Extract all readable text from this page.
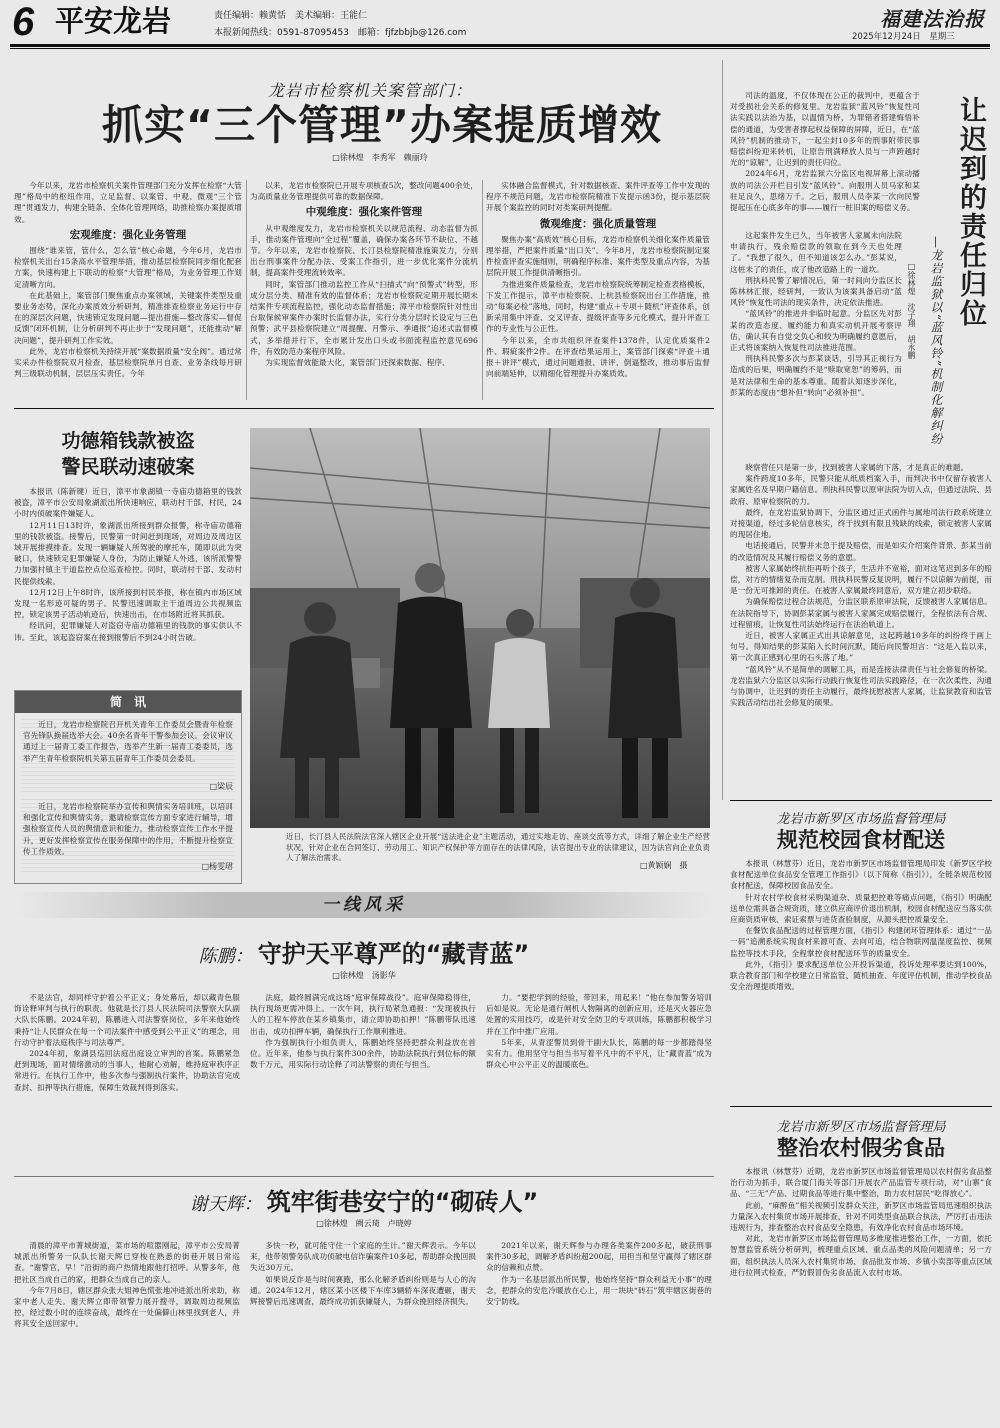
6 平安龙岩	责任编辑：赖黄恬　美术编辑：王能仁
本报新闻热线：0591-87095453　邮箱：fjfzbbjb@126.com
福建法治报
2025年12月24日　星期三
龙岩市检察机关案管部门：
抓实“三个管理”办案提质增效
□徐林煌　李秀军　赖丽玲

今年以来，龙岩市检察机关案件管理部门充分发挥在检察“大管理”格局中的枢纽作用，立足监督、以案管、中观、微观“三个管理”贯通发力，构建全链条、全体化管理网络，助推检察办案提质增效。

宏观维度：强化业务管理

围绕“谁来管，管什么，怎么管”核心命题，今年6月，龙岩市检察机关出台15条高水平管理举措，推动基层检察院同步细化配套方案，快速构建上下联动的检察“大管理”格局，为业务管理工作划定清晰方向。

在此基础上，案管部门聚焦重点办案领域，关键案件类型及重要业务态势，深化办案质效分析研判，精准排查检察业务运行中存在的深层次问题，快速锁定发现问题—提出措施—整改落实—督促反馈”闭环机制，让分析研判不再止步于“发现问题”，还能推动“解决问题”，提升研判工作实效。

此外，龙岩市检察机关持续开展“案数据质量“安全阀”。通过常实采办件检察院双月检查，基层检察院单月自查、业务条线每月研判三级联动机制，层层压实责任。今年

以来，龙岩市检察院已开展专项核查5次，整改问题400余处，为高质量业务管理提供可靠的数据保障。

中观维度：强化案件管理

从中观维度发力，龙岩市检察机关以规范流程、动态监督为抓手，推动案件管理向“全过程”覆盖，确保办案各环节不缺位、不越节。今年以来，龙岩市检察院、长汀县检察院精准施策发力，分别出台刑事案件分配办法、受案工作指引，进一步优化案件分流机制，提高案件受理流转效率。

同时，案管部门推动监控工作从“扫描式”向“预警式”转型，形成分层分类、精准有效的监督体系；龙岩市检察院定期开展长期未结案件专项流程监控，强化动态监督措施；漳平市检察院针对性出台取保候审案件办案时长监督办法，实行分类分层时长设定与三色预警；武平县检察院建立“周提醒、月警示、季通报”追述式监督模式，多举措并行下，全市累计发出口头或书面流程监控意见696件，有效防范办案程序风险。

为实现监督效能最大化，案管部门还探索数据、程序、

实体融合监督模式，针对数据核查、案件评查等工作中发现的程序不规范问题，龙岩市检察院精准下发提示函3份，提示基层院开展个案监控的同时对类案研判提醒。

微观维度：强化质量管理

聚焦办案“高质效”核心目标，龙岩市检察机关细化案件质量管理举措，严把案件质量“出口关”。今年8月，龙岩市检察院制定案件检查评查实施细则，明确程序标准、案件类型及重点内容，为基层院开展工作提供清晰指引。

为推进案件质量检查，龙岩市检察院统筹制定检查表格模板，下发工作提示，漳平市检察院、上杭县检察院出台工作措施，推动“每案必检”落地，同时，构建“重点＋专项＋随机”评查体系，创新采用集中评查、交叉评查、提级评查等多元化模式，提升评查工作的专业性与公正性。

今年以来，全市共组织评查案件1378件，认定优质案件2件、瑕疵案件2件。在评查结果运用上，案管部门探索“评查＋通报＋讲评”模式，通过问题通报、讲评、倒逼整改，推动事后监督向前端延伸，以精细化管理提升办案质效。

司法的温度，不仅体现在公正的裁判中，更蕴含于对受损社会关系的修复里。龙岩监狱“蓝风铃”恢复性司法实践以法治为基，以温情为桥，为罪错者搭建悔悟补偿的通道，为受害者撑起权益保障的屏障，近日，在“蓝风铃”机制的推动下，一起尘封10多年的刑事附带民事赔偿纠纷迎来转机，让原告刑满释放人员与一声跨越时光的“谅解”，让迟到的责任归位。

2024年6月，龙岩监狱六分监区电视屏幕上滚动播放的司法公开栏目引发“蓝风铃”。向服刑人员马家和某驻足良久，思绪万千。之后，服刑人员李某一次向民警提起压在心底多年的事——履行一桩旧案的赔偿义务。 让迟到的责任归位
—龙岩监狱以“蓝风铃”机制化解纠纷
□徐林煌　沈子翔　胡永鹏

这起案件发生已久，当年被害人家属未向法院申请执行，残余赔偿款的领取在到今天也处理了。“我想了很久，但不知道该怎么办。”彭某说，这桩未了的责任，成了他改造路上的一道坎。

刑执科民警了解情况后，第一时间向分监区长陈林林汇报，经研判，一致认为该案具备启动“蓝风铃”恢复性司法的现实条件，决定依法推进。

“蓝风铃”的推进并非临时起意。分监区先对彭某的改造态度、履约能力和真实动机开展考察评估，确认其有自觉交负心和较为明确履约意愿后，正式将该案纳入恢复性司法推进范围。

刑执科民警多次与彭某谈话，引导其正视行为造成的后果，明确履约不是“赎取宽恕”的筹码，而是对法律和生命的基本尊重。随着认知逐步深化，彭某的态度由“想补但“转向”必须补担”。

晓察营任只是第一步，找到被害人家属的下落，才是真正的难题。

案件跨度10多年，民警只能从纸质档案入手，而判决书中仅留存被害人家属姓名及早期户籍信息。刑执科民警以原审法院为切入点，但通过法院、县政府、原审检察院的力。

最终，在龙岩监狱协调下，分监区通过正式函件与属地司法行政系统建立对接渠道，经过多轮信息核实，终于找到有限且残缺的线索，锁定被害人家属的现居住地。

电话接通后，民警并未急于提及赔偿，而是如实介绍案件背景、彭某当前的改造情况及其履行赔偿义务的意愿。

被害人家属始终抗拒再听个孩子，生活并不宽裕，面对这笔迟到多年的赔偿，对方的情绪复杂而克制。刑执科民警反复说明，履行不以谅解为前提，而是一份无可推卸的责任。在被害人家属最终同意后，双方建立初步联络。

为确保赔偿过程合法规范，分监区联系原审法院，反馈被害人家属信息。在法院指导下，协调彭某家属与被害人家属完成赔偿履行，全程依法有合规、过程留痕，让恢复性司法始终运行在法治轨道上。

近日，被害人家属正式出具谅解意见，这起跨越10多年的纠纷终于画上句号。得知结果的彭某陷入长时间沉默，随后向民警坦言：“这是入监以来，第一次真正感到心里的石头落了地。”

“蓝风铃”从不是简单的调解工具，而是连接法律责任与社会修复的桥梁。龙岩监狱六分监区以实际行动践行恢复性司法实践路径，在一次次柔性、沟通与协调中，让迟到的责任主动履行，最终抚慰被害人家属，让监狱教育和监管实践活动结出社会修复的硕果。

功德箱钱款被盗
警民联动速破案

本报讯（陈新键）近日，漳平市象湖镇一寺庙功德箱里的钱款被盗，漳平市公安局象湖派出所快速响应，联动村干部，村民，24小时内侦破案件嫌疑人。

12月11日13时许，象湖派出所接到群众报警，称寺庙功德箱里的钱款被盗。接警后，民警第一时间赶到现场，对周边及周边区域开展排摸排查。发现一辆嫌疑人所驾驶的摩托车，随即以此为突破口，快速锁定犯罪嫌疑人身份，为防止嫌疑人外逃，该所派警警力加强村镇主干道监控点位巡查检控。同时，联动村干部、发动村民提供线索。

12月12日上午8时许，该所接到村民举报，称在镇内市场区域发现一名形迹可疑的男子。民警迅速调取主干道周边公共视频监控，锁定该男子活动轨迹后，快速出击，在市场附近将其抓获。

经讯问，犯罪嫌疑人对盗窃寺庙功德箱里的钱款的事实供认不讳。至此，该起盗窃案在接到报警后不到24小时告破。

简　讯
近日，龙岩市检察院召开机关青年工作委员会暨青年检察官先锋队换届选举大会。40余名青年干警参加会议。会议审议通过上一届青工委工作报告，选举产生新一届青工委委员，选举产生青年检察院机关第五届青年工作委员会委员。
□梁辰
近日，龙岩市检察院举办宣传和舆情实务培训班，以培训和强化宣传和舆情实务，邀请检察宣传方面专家进行辅导，增强检察宣传人员的舆情意识和能力，推动检察宣传工作水平提升，更好发挥检察宣传在服务保障中的作用，不断提升检察宣传工作质效。
□杨雯珺
近日，长汀县人民法院法官深入辖区企业开展“送法进企业”主题活动，通过实地走访、座谈交流等方式，详细了解企业生产经营状况，针对企业在合同签订、劳动用工、知识产权保护等方面存在的法律风险，法官提出专业的法律建议，因为法官向企业负责人了解法治需求。
□黄颖娴　摄
龙岩市新罗区市场监督管理局
规范校园食材配送

本报讯（林慧芬）近日，龙岩市新罗区市场监督管理局印发《新罗区学校食材配送单位食品安全管理工作指引》（以下简称《指引》），全链条规范校园食材配送，保障校园食品安全。

针对农村学校食材采购渠道杂、质量把控难等痛点问题，《指引》明确配送单位需具备合规资质，建立供应商评价退出机制，校园食材配送应当落实供应商资质审核、索证索票与进货查验制度，从源头把控质量安全。

在餐饮食品配送的过程管理方面，《指引》构建闭环管理体系：通过“一品一码”追溯系统实现食材来源可查、去向可追，结合物联网温湿度监控、视频监控等技术手段，全程掌控食材配送环节的质量安全。

此外，《指引》要求配送单位公开投诉渠道，投诉处理率要达到100%，联合教育部门和学校建立日常监管、随机抽查、年度评估机制，推动学校食品安全治理提质增效。

龙岩市新罗区市场监督管理局
整治农村假劣食品

本报讯（林慧芬）近期，龙岩市新罗区市场监督管理局以农村假劣食品整治行动为抓手，联合厦门海关等部门开展农产品监管专项行动，对“山寨”食品、“三无”产品、过期食品等进行集中整治，助力农村居民“吃得放心”。

此前，“麻醉鱼”相关视频引发群众关注，新罗区市场监管局迅速组织执法力量深入农村集贸市场开展排查，针对不同类型食品联合执法，严厉打击违法违规行为，排查整治农村食品安全隐患，有效净化农村食品市场环境。

对此，龙岩市新罗区市场监督管理局多维度推进整治工作，一方面，依托智慧监管系统分析研判，梳理重点区域、重点品类的风险问题清单；另一方面，组织执法人员深入农村集贸市场、食品批发市场、乡镇小卖部等重点区域进行拉网式检查，严防假冒伪劣食品流入农村市场。

一线风采
陈鹏： 守护天平尊严的“藏青蓝”
□徐林煌　汤影华

不是法官，却同样守护着公平正义；身处幕后，却以藏青色服饰诠释审判与执行的职责。他就是长汀县人民法院司法警察大队副大队长陈鹏。2024年初，陈鹏进入司法警察岗位，多年来他始终秉持“让人民群众在每一个司法案件中感受到公平正义”的理念，用行动守护着法庭秩序与司法尊严。

2024年初，象湖县巡回法庭出庭设立审判的首案。陈鹏紧急赶到现场，面对情绪激动的当事人，他耐心劝解，维持庭审秩序正常进行。在执行工作中，他多次参与强制执行案件，协助法官完成查封、扣押等执行措施，保障生效裁判得到落实。

法庭，最终圆满完成这场“庭审保障战役”。庭审保障稳得住，执行现场更需冲得上。一次午间，执行局紧急通报：“发现被执行人的工程车停放在某乡镇集市，请立即协助扣押！”陈鹏带队迅速出击，成功扣押车辆，确保执行工作顺利推进。

作为强制执行小组负责人，陈鹏始终坚持把群众利益放在首位。近年来，他参与执行案件300余件，协助法院执行到位标的额数千万元，用实际行动诠释了司法警察的责任与担当。

力。“要把学到的经验，带回来，用起来！”他在参加警务培训后如是说。无论是通行闸机人物隔离的创新应用，还是灭火器应急处置的实用技巧，或是针对安全防卫的专项训练，陈鹏都积极学习并在工作中推广应用。

5年来，从青涩警员到骨干副大队长，陈鹏的每一步都踏得坚实有力。他用坚守与担当书写着平凡中的不平凡，让“藏青蓝”成为群众心中公平正义的温暖底色。

谢天辉： 筑牢街巷安宁的“砌砖人”
□徐林煌　阙云琦　卢晓婷

清晨的漳平市菁城街道，菜市场的喧嚣刚起，漳平市公安局菁城派出所警务一队队长谢天辉已穿梭在熟悉的街巷开展日常巡查。“谢警官，早！”沿街的商户热情地跟他打招呼。从警多年，他把社区当成自己的家，把群众当成自己的亲人。

今年7月8日，辖区群众张大姐神色慌张地冲进派出所求助，称家中老人走失。谢天辉立即带领警力展开搜寻，调取周边视频监控，经过数小时的连续奋战，最终在一处偏僻山林里找到老人，并将其安全送回家中。

多快一秒，就可能守住一个家庭的生计。”谢天辉表示。今年以来，他带领警务队成功侦破电信诈骗案件10多起，帮助群众挽回损失近30万元。

如果说反诈是与时间赛跑，那么化解矛盾纠纷则是与人心的沟通。2024年12月，辖区某小区楼下车库3辆轿车深夜遭砸，谢天辉接警后迅速调查，最终成功抓获嫌疑人，为群众挽回经济损失。

2021年以来，谢天辉参与办理各类案件200多起，破获刑事案件30多起，调解矛盾纠纷超200起，用担当和坚守赢得了辖区群众的信赖和点赞。

作为一名基层派出所民警，他始终坚持“群众利益无小事”的理念，把群众的安危冷暖放在心上，用一块块“砖石”筑牢辖区街巷的安宁防线。
